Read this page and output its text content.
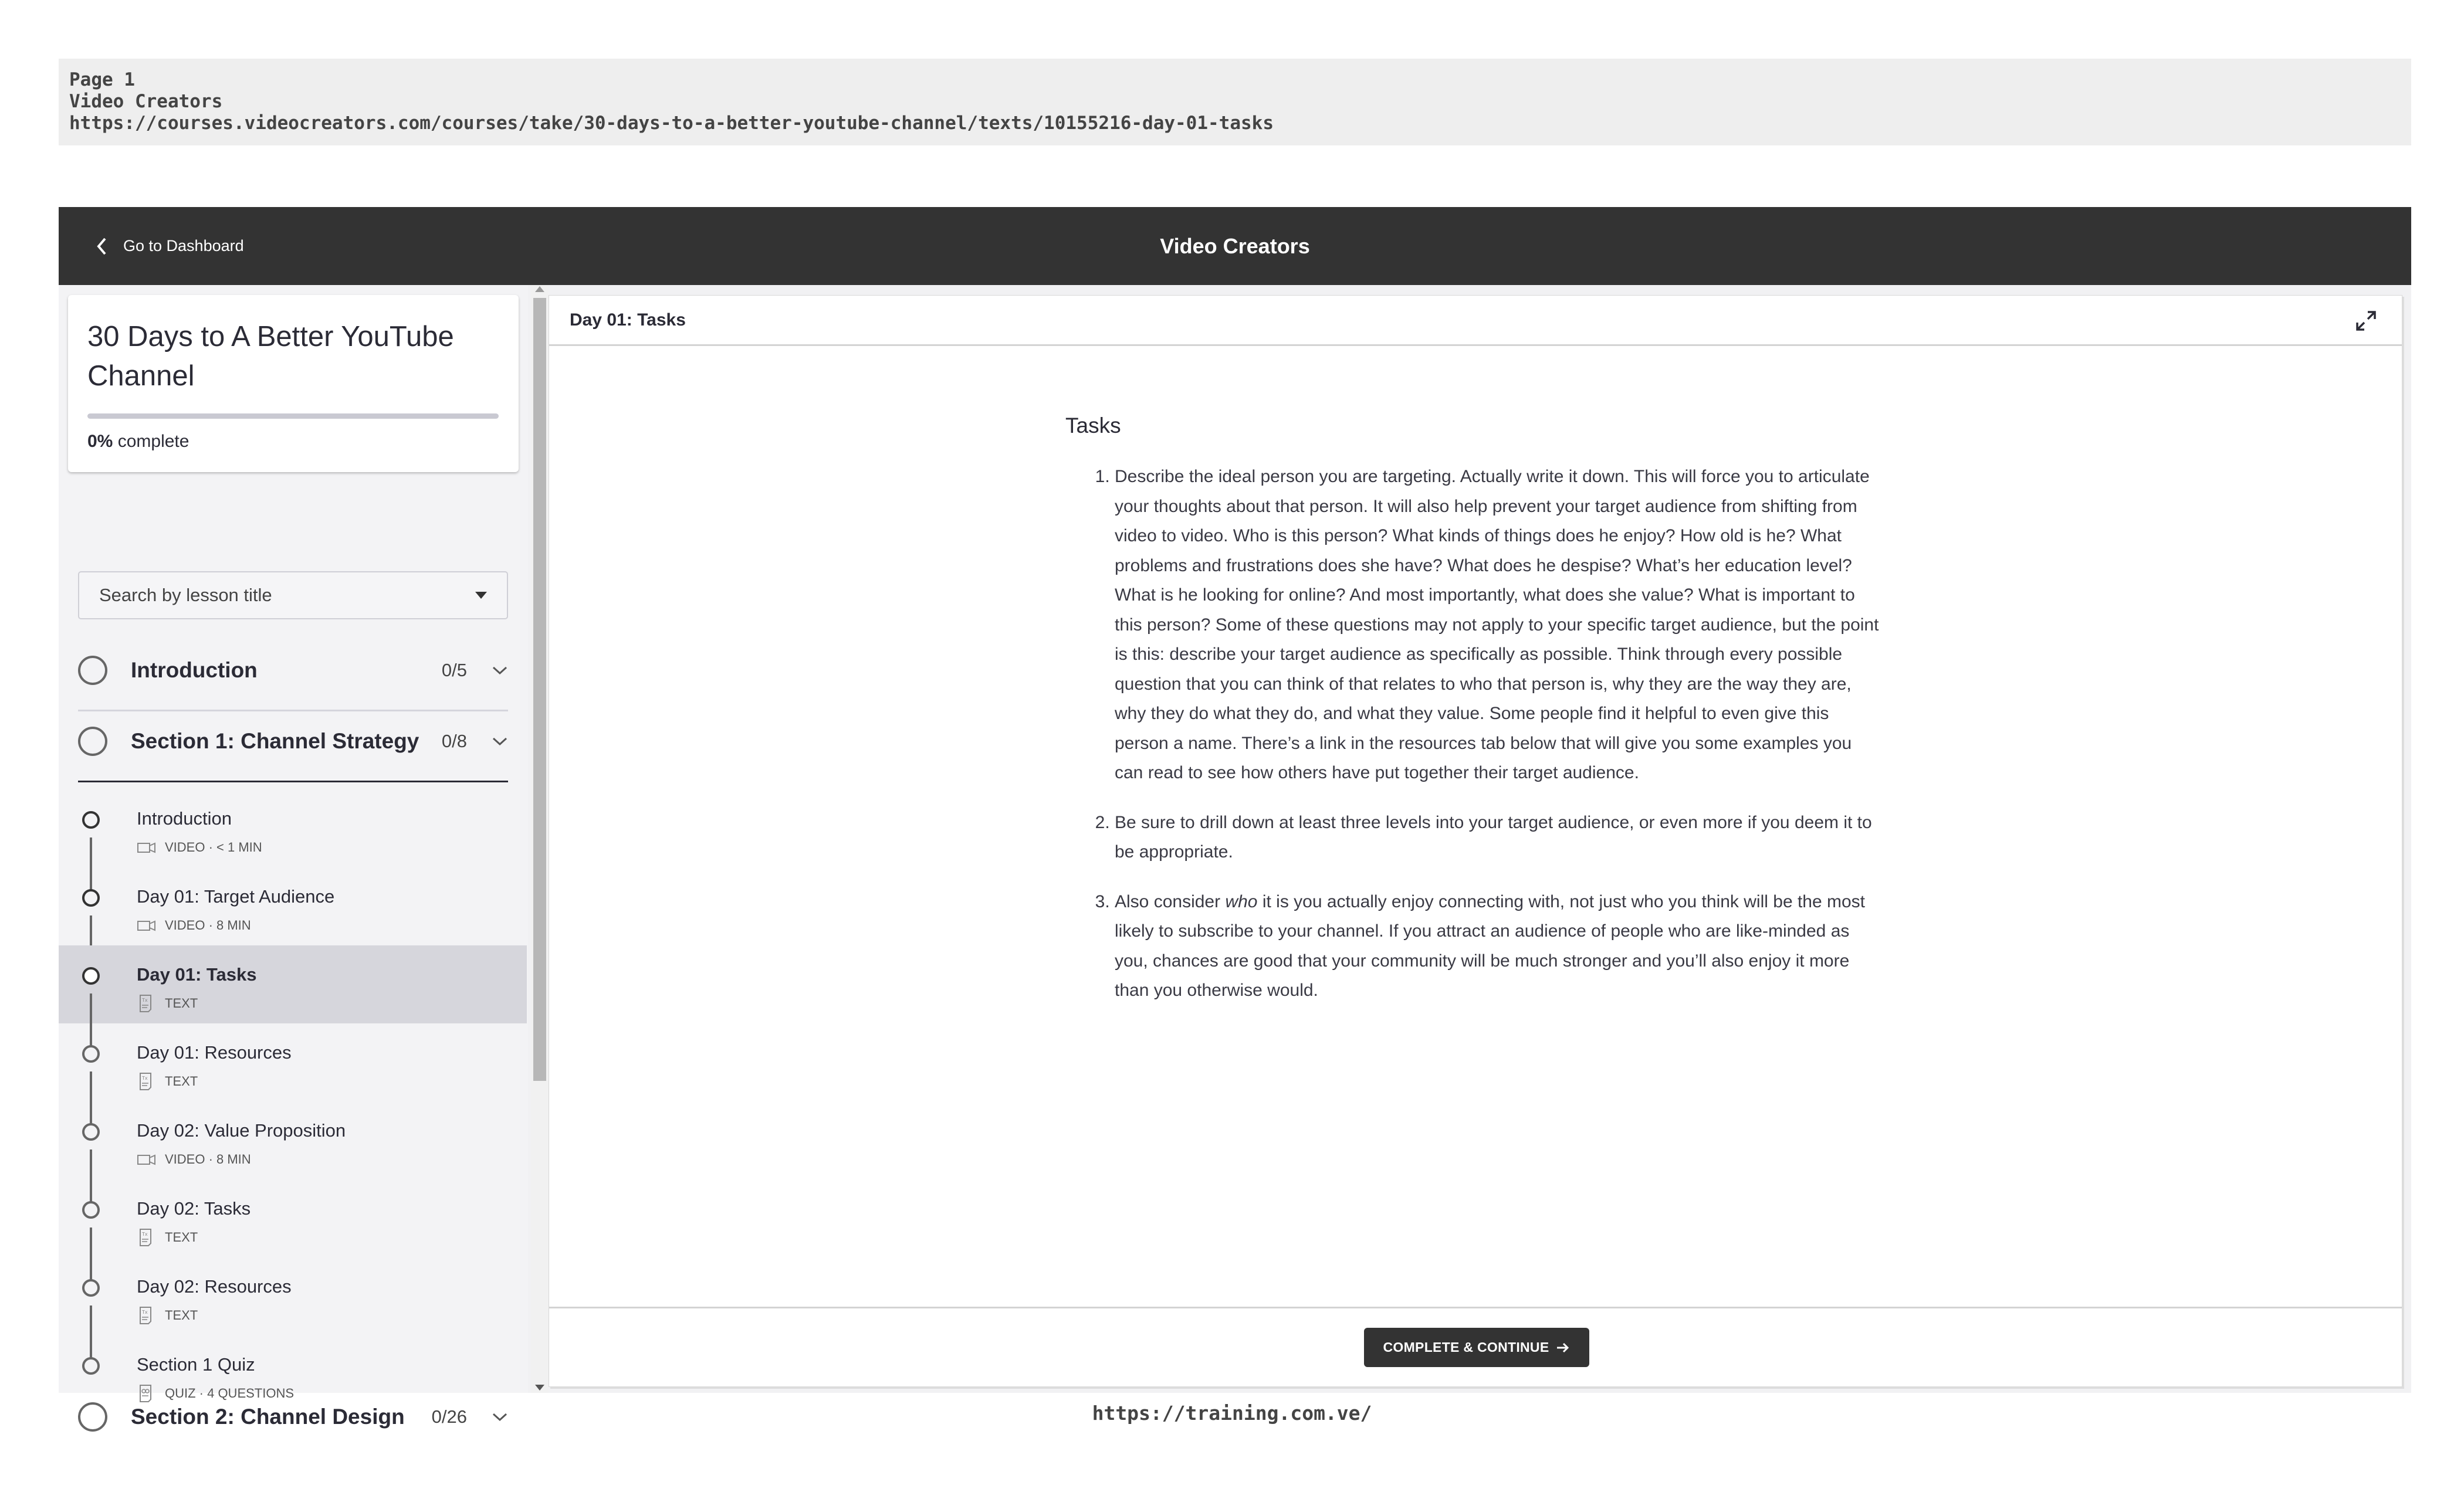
Page 1
Video Creators
https://courses.videocreators.com/courses/take/30-days-to-a-better-youtube-channel/texts/10155216-day-01-tasks
Go to Dashboard	Video Creators
30 Days to A Better YouTube Channel
0% complete
Search by lesson title
Introduction	0/5
Section 1: Channel Strategy	0/8
Introduction
VIDEO · < 1 MIN
Day 01: Target Audience
VIDEO · 8 MIN
Day 01: Tasks
Tx TEXT
Day 01: Resources
Tx TEXT
Day 02: Value Proposition
VIDEO · 8 MIN
Day 02: Tasks
Tx TEXT
Day 02: Resources
Tx TEXT
Section 1 Quiz
QUIZ · 4 QUESTIONS
Section 2: Channel Design	0/26
Day 01: Tasks
Tasks
1. Describe the ideal person you are targeting. Actually write it down. This will force you to articulate your thoughts about that person. It will also help prevent your target audience from shifting from video to video. Who is this person? What kinds of things does he enjoy? How old is he? What problems and frustrations does she have? What does he despise? What’s her education level? What is he looking for online? And most importantly, what does she value? What is important to this person? Some of these questions may not apply to your specific target audience, but the point is this: describe your target audience as specifically as possible. Think through every possible question that you can think of that relates to who that person is, why they are the way they are, why they do what they do, and what they value. Some people find it helpful to even give this person a name. There’s a link in the resources tab below that will give you some examples you can read to see how others have put together their target audience.
2. Be sure to drill down at least three levels into your target audience, or even more if you deem it to be appropriate.
3. Also consider who it is you actually enjoy connecting with, not just who you think will be the most likely to subscribe to your channel. If you attract an audience of people who are like-minded as you, chances are good that your community will be much stronger and you’ll also enjoy it more than you otherwise would.
COMPLETE & CONTINUE
https://training.com.ve/
